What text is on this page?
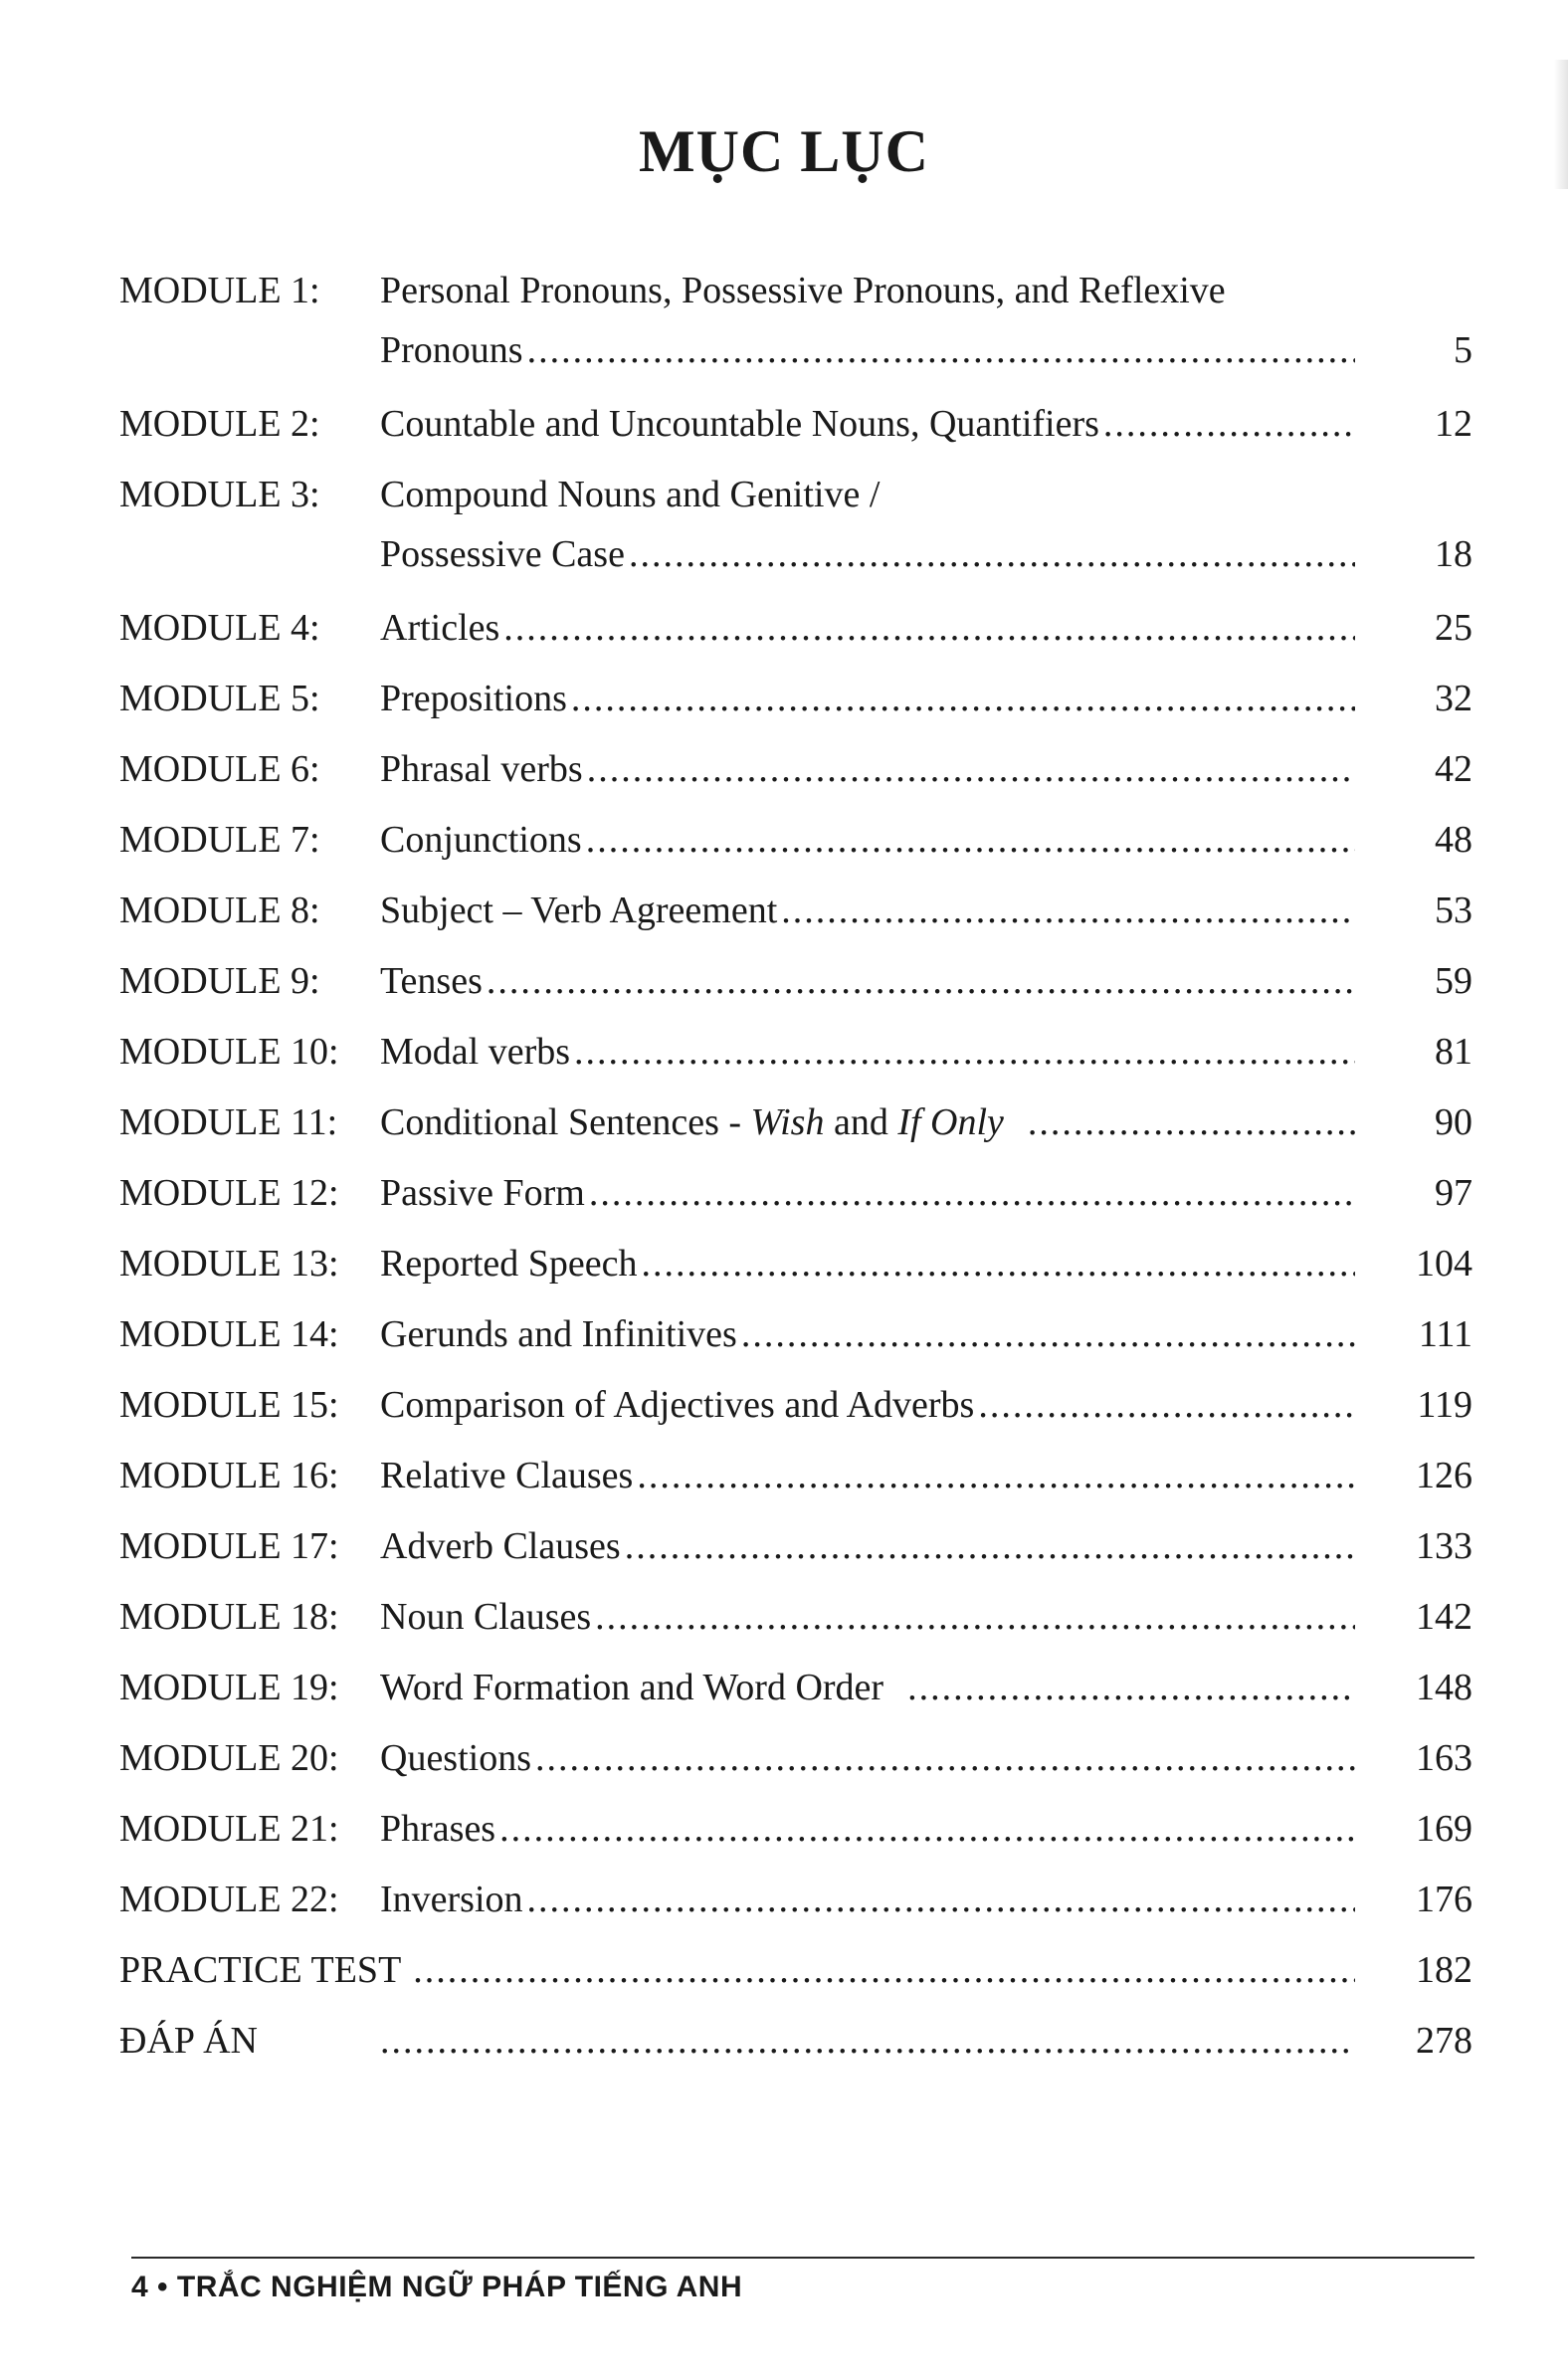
MỤC LỤC
MODULE 1:	Personal Pronouns, Possessive Pronouns, and Reflexive
Pronouns .....	5
MODULE 2:	Countable and Uncountable Nouns, Quantifiers .....	12
MODULE 3:	Compound Nouns and Genitive /
Possessive Case .....	18
MODULE 4:	Articles .....	25
MODULE 5:	Prepositions .....	32
MODULE 6:	Phrasal verbs .....	42
MODULE 7:	Conjunctions .....	48
MODULE 8:	Subject – Verb Agreement .....	53
MODULE 9:	Tenses .....	59
MODULE 10:	Modal verbs .....	81
MODULE 11:	Conditional Sentences - Wish and If Only .....	90
MODULE 12:	Passive Form .....	97
MODULE 13:	Reported Speech .....	104
MODULE 14:	Gerunds and Infinitives .....	111
MODULE 15:	Comparison of Adjectives and Adverbs .....	119
MODULE 16:	Relative Clauses .....	126
MODULE 17:	Adverb Clauses .....	133
MODULE 18:	Noun Clauses .....	142
MODULE 19:	Word Formation and Word Order .....	148
MODULE 20:	Questions .....	163
MODULE 21:	Phrases .....	169
MODULE 22:	Inversion .....	176
PRACTICE TEST .....	182
ĐÁP ÁN .....	278
4 • TRẮC NGHIỆM NGỮ PHÁP TIẾNG ANH
